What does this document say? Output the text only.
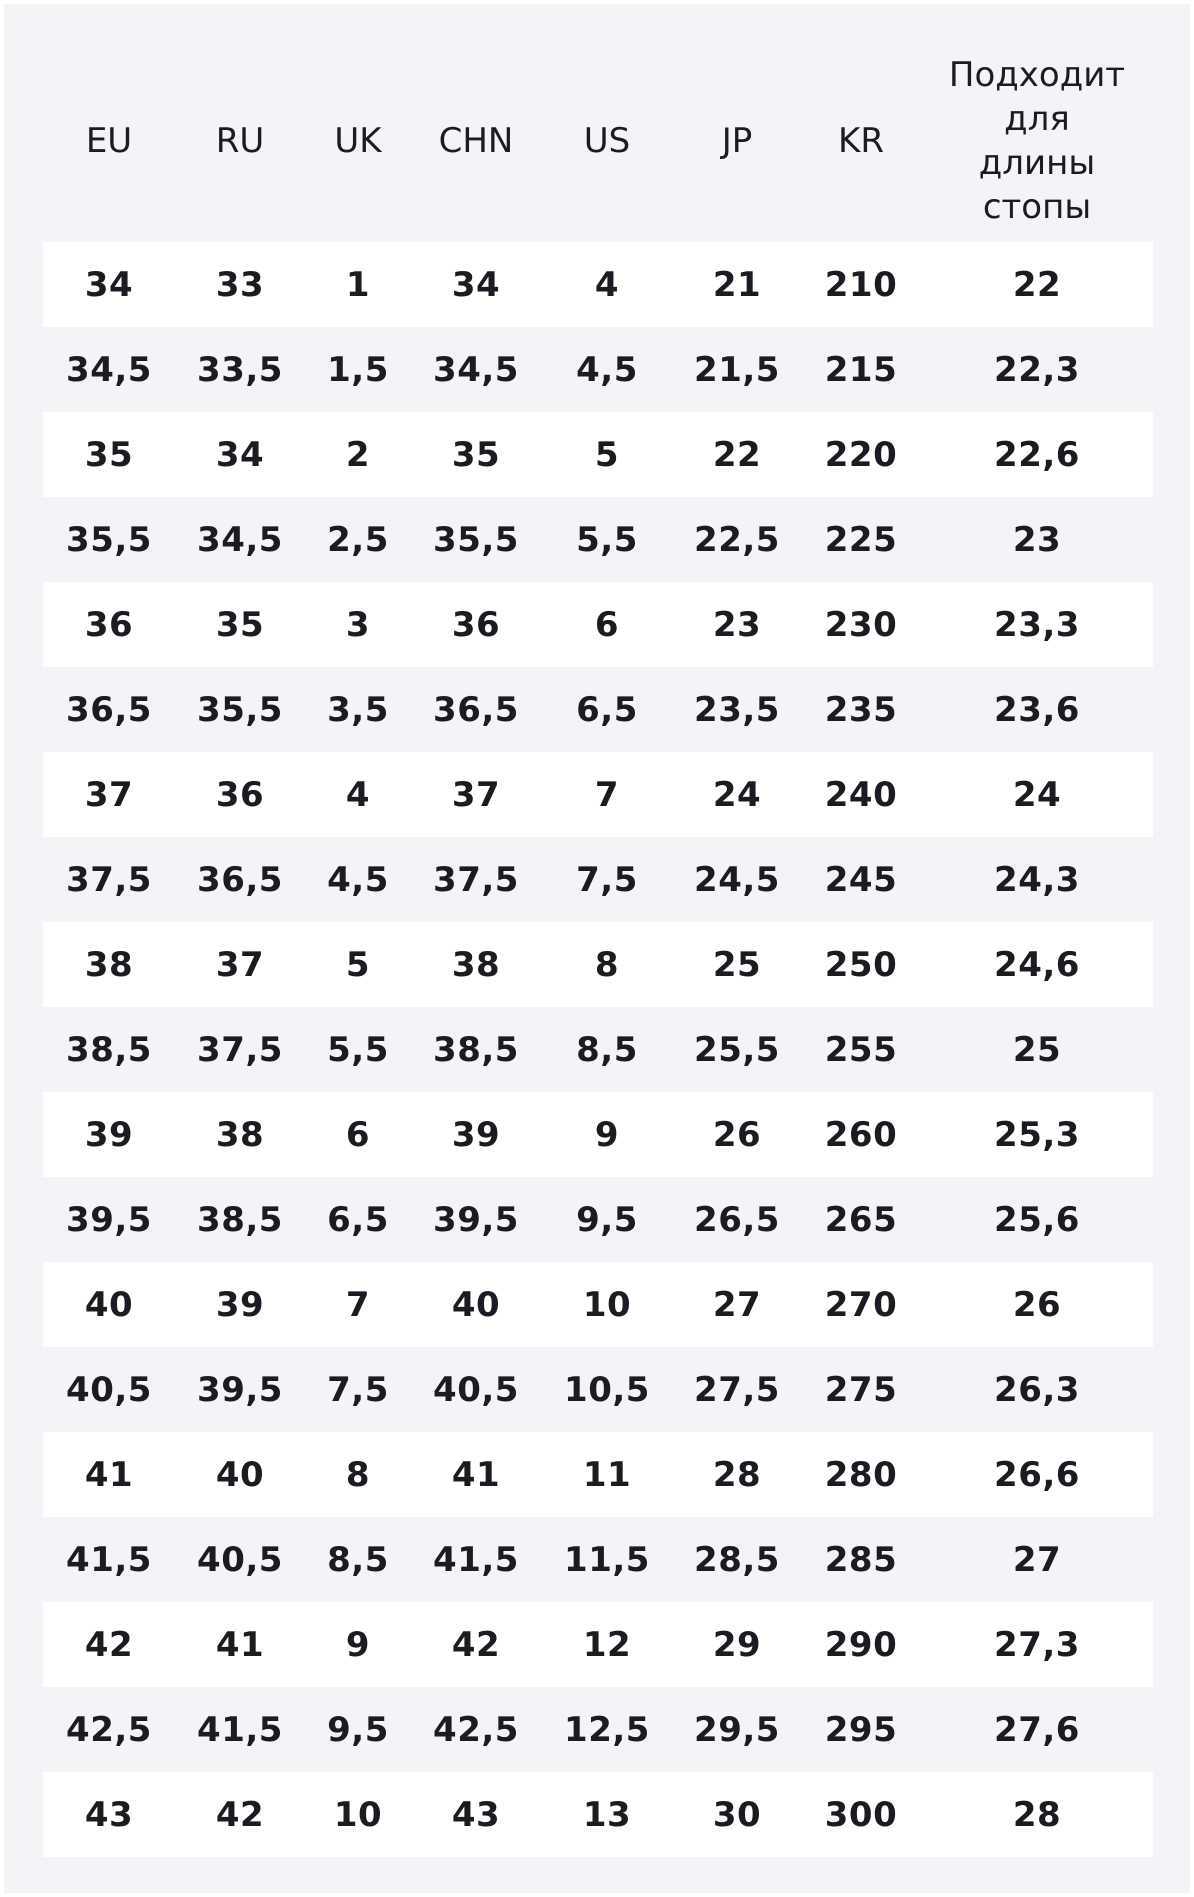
EU	RU	UK	CHN	US	JP	KR	Подходит для длины стопы
34	33	1	34	4	21	210	22
34,5	33,5	1,5	34,5	4,5	21,5	215	22,3
35	34	2	35	5	22	220	22,6
35,5	34,5	2,5	35,5	5,5	22,5	225	23
36	35	3	36	6	23	230	23,3
36,5	35,5	3,5	36,5	6,5	23,5	235	23,6
37	36	4	37	7	24	240	24
37,5	36,5	4,5	37,5	7,5	24,5	245	24,3
38	37	5	38	8	25	250	24,6
38,5	37,5	5,5	38,5	8,5	25,5	255	25
39	38	6	39	9	26	260	25,3
39,5	38,5	6,5	39,5	9,5	26,5	265	25,6
40	39	7	40	10	27	270	26
40,5	39,5	7,5	40,5	10,5	27,5	275	26,3
41	40	8	41	11	28	280	26,6
41,5	40,5	8,5	41,5	11,5	28,5	285	27
42	41	9	42	12	29	290	27,3
42,5	41,5	9,5	42,5	12,5	29,5	295	27,6
43	42	10	43	13	30	300	28
